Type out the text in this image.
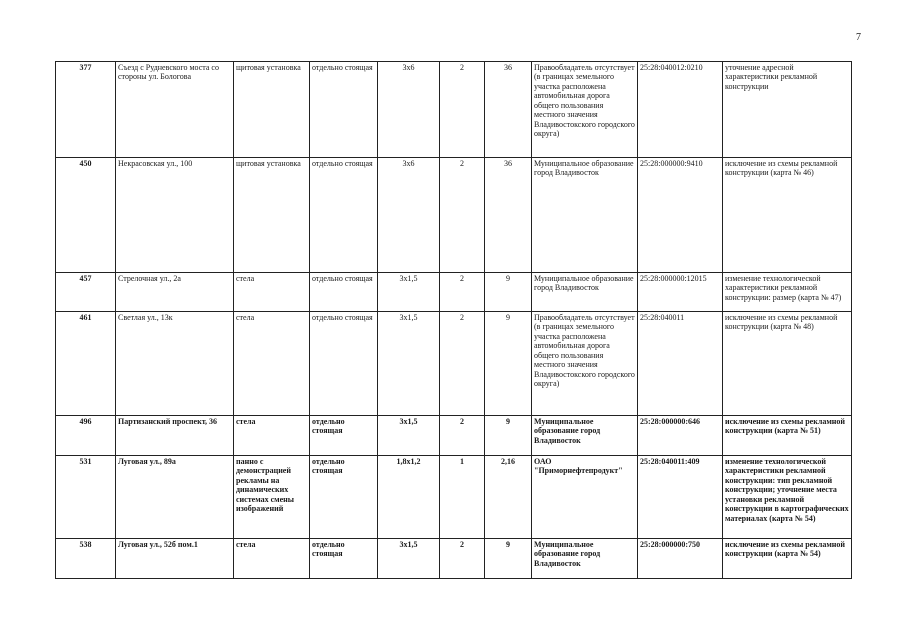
7
377	Съезд с Рудневского моста со стороны ул. Бологова	щитовая установка	отдельно стоящая	3x6	2	36	Правообладатель отсутствует (в границах земельного участка расположена автомобильная дорога общего пользования местного значения Владивостокского городского округа)	25:28:040012:0210	уточнение адресной характеристики рекламной конструкции
450	Некрасовская ул., 100	щитовая установка	отдельно стоящая	3x6	2	36	Муниципальное образование город Владивосток	25:28:000000:9410	исключение из схемы рекламной конструкции (карта № 46)
457	Стрелочная ул., 2а	стела	отдельно стоящая	3x1,5	2	9	Муниципальное образование город Владивосток	25:28:000000:12015	изменение технологической характеристики рекламной конструкции: размер (карта № 47)
461	Светлая ул., 13к	стела	отдельно стоящая	3x1,5	2	9	Правообладатель отсутствует (в границах земельного участка расположена автомобильная дорога общего пользования местного значения Владивостокского городского округа)	25:28:040011	исключение из схемы рекламной конструкции (карта № 48)
496	Партизанский проспект, 36	стела	отдельно стоящая	3x1,5	2	9	Муниципальное образование город Владивосток	25:28:000000:646	исключение из схемы рекламной конструкции (карта № 51)
531	Луговая ул., 89а	панно с демонстрацией рекламы на динамических системах смены изображений	отдельно стоящая	1,8x1,2	1	2,16	ОАО "Приморнефтепродукт"	25:28:040011:409	изменение технологической характеристики рекламной конструкции: тип рекламной конструкции; уточнение места установки рекламной конструкции в картографических материалах (карта № 54)
538	Луговая ул., 52б пом.1	стела	отдельно стоящая	3x1,5	2	9	Муниципальное образование город Владивосток	25:28:000000:750	исключение из схемы рекламной конструкции (карта № 54)
